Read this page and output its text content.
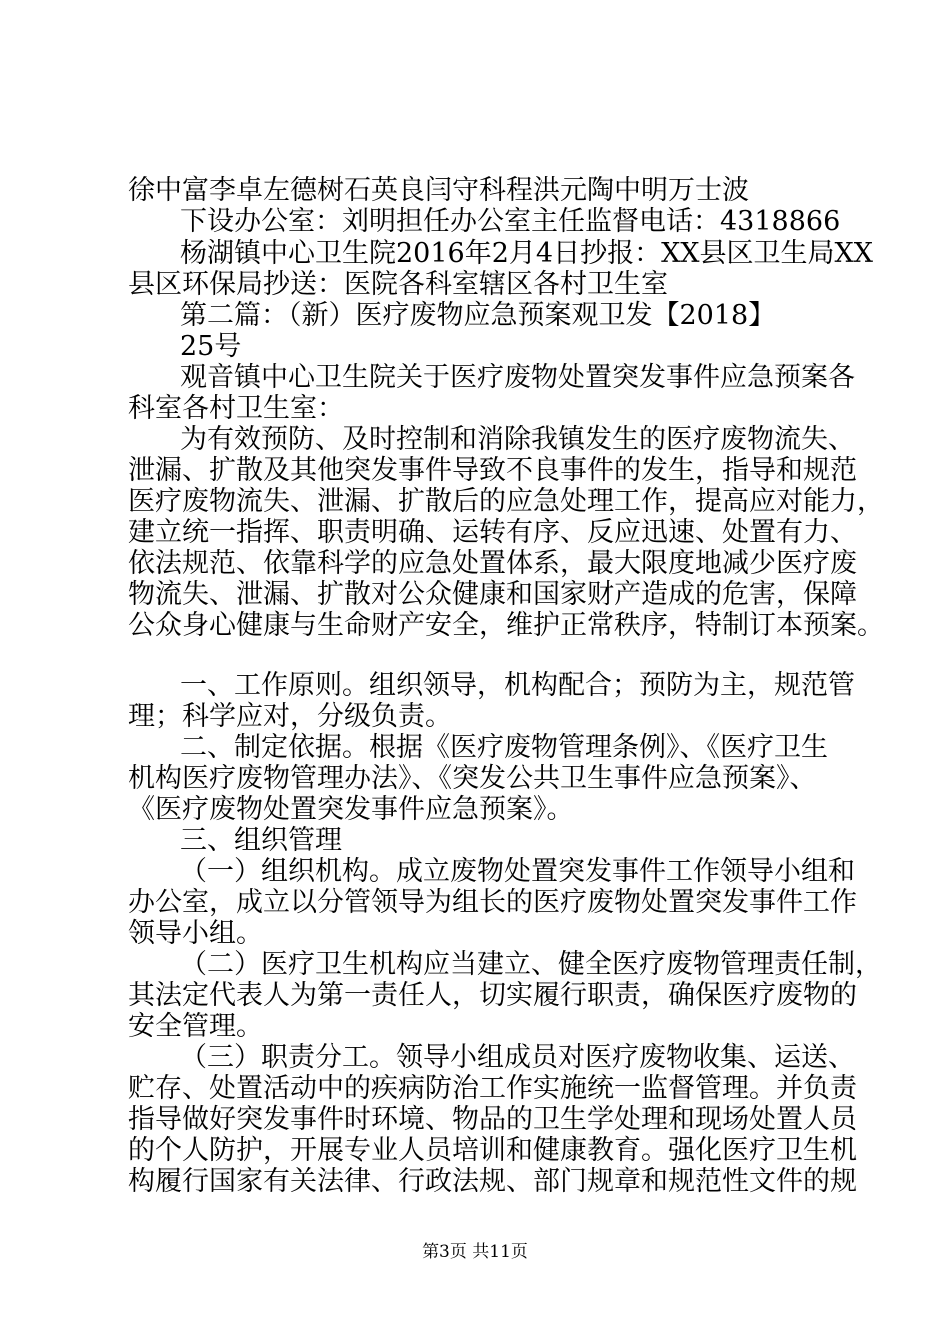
徐中富李卓左德树石英良闫守科程洪元陶中明万士波
下设办公室：刘明担任办公室主任监督电话：4318866
杨湖镇中心卫生院2016年2月4日抄报：XX县区卫生局XX
县区环保局抄送：医院各科室辖区各村卫生室
第二篇：（新）医疗废物应急预案观卫发【2018】
25号
观音镇中心卫生院关于医疗废物处置突发事件应急预案各
科室各村卫生室：
为有效预防、及时控制和消除我镇发生的医疗废物流失、
泄漏、扩散及其他突发事件导致不良事件的发生，指导和规范
医疗废物流失、泄漏、扩散后的应急处理工作，提高应对能力，
建立统一指挥、职责明确、运转有序、反应迅速、处置有力、
依法规范、依靠科学的应急处置体系，最大限度地减少医疗废
物流失、泄漏、扩散对公众健康和国家财产造成的危害，保障
公众身心健康与生命财产安全，维护正常秩序，特制订本预案。
一、工作原则。组织领导，机构配合；预防为主，规范管
理；科学应对，分级负责。
二、制定依据。根据《医疗废物管理条例》、《医疗卫生
机构医疗废物管理办法》、《突发公共卫生事件应急预案》、
《医疗废物处置突发事件应急预案》。
三、组织管理
（一）组织机构。成立废物处置突发事件工作领导小组和
办公室，成立以分管领导为组长的医疗废物处置突发事件工作
领导小组。
（二）医疗卫生机构应当建立、健全医疗废物管理责任制，
其法定代表人为第一责任人，切实履行职责，确保医疗废物的
安全管理。
（三）职责分工。领导小组成员对医疗废物收集、运送、
贮存、处置活动中的疾病防治工作实施统一监督管理。并负责
指导做好突发事件时环境、物品的卫生学处理和现场处置人员
的个人防护，开展专业人员培训和健康教育。强化医疗卫生机
构履行国家有关法律、行政法规、部门规章和规范性文件的规
第3页 共11页
